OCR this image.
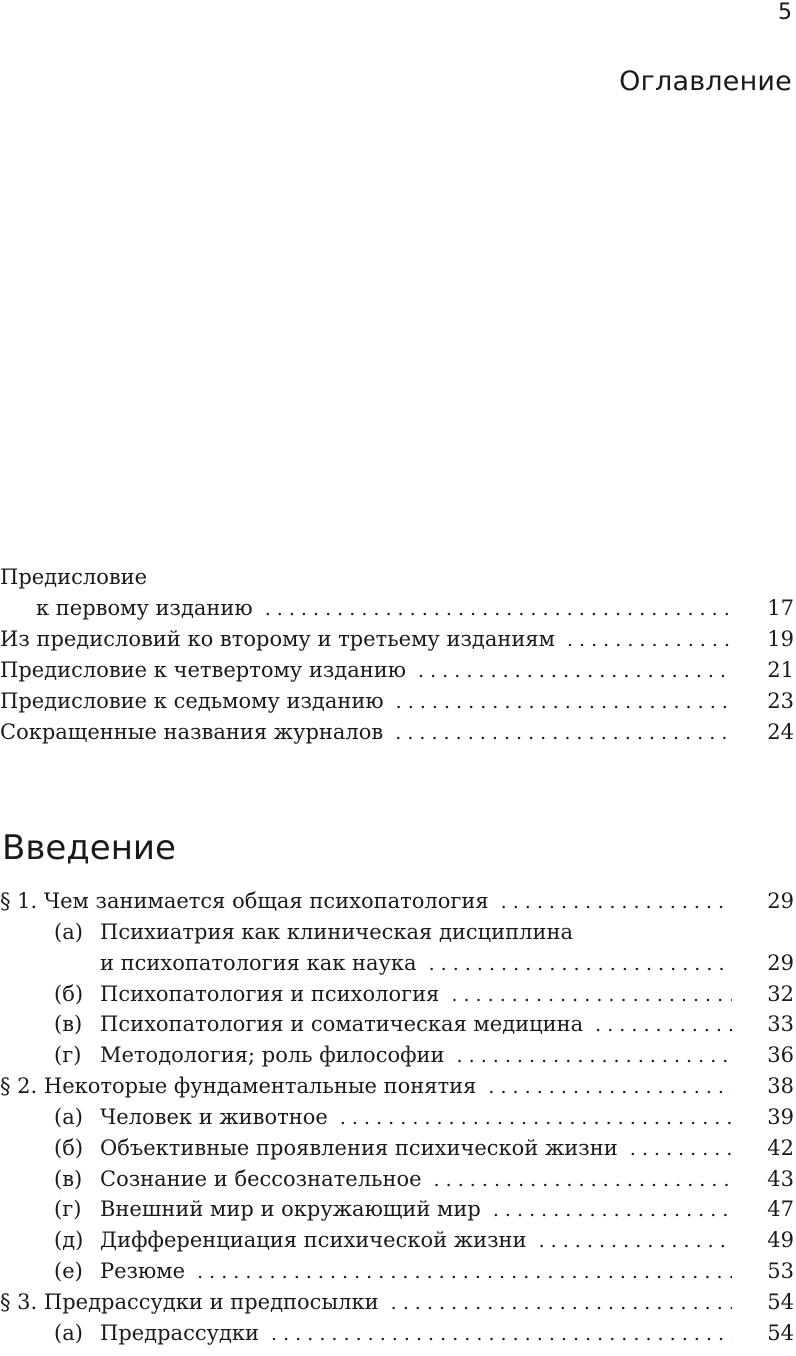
5
Оглавление
Предисловие
к первому изданию . . .	17
Из предисловий ко второму и третьему изданиям . . .	19
Предисловие к четвертому изданию . . .	21
Предисловие к седьмому изданию . . .	23
Сокращенные названия журналов . . .	24
Введение
§ 1. Чем занимается общая психопатология . . .	29
(а) Психиатрия как клиническая дисциплина
и психопатология как наука . . .	29
(б) Психопатология и психология . . .	32
(в) Психопатология и соматическая медицина . . .	33
(г) Методология; роль философии . . .	36
§ 2. Некоторые фундаментальные понятия . . .	38
(а) Человек и животное . . .	39
(б) Объективные проявления психической жизни . . .	42
(в) Сознание и бессознательное . . .	43
(г) Внешний мир и окружающий мир . . .	47
(д) Дифференциация психической жизни . . .	49
(е) Резюме . . .	53
§ 3. Предрассудки и предпосылки . . .	54
(а) Предрассудки . . .	54
